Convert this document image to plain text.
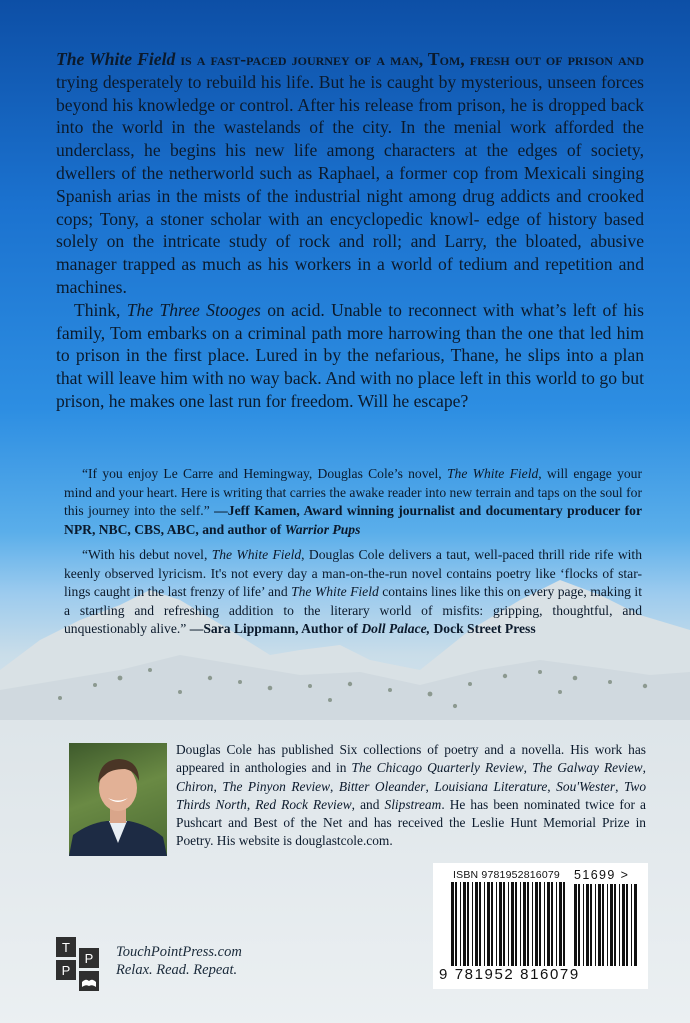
The White Field is a fast-paced journey of a man, Tom, fresh out of prison and trying desperately to rebuild his life. But he is caught by mysterious, unseen forces beyond his knowledge or control. After his release from prison, he is dropped back into the world in the wastelands of the city. In the menial work afforded the underclass, he begins his new life among characters at the edges of society, dwellers of the netherworld such as Raphael, a former cop from Mexicali singing Spanish arias in the mists of the industrial night among drug addicts and crooked cops; Tony, a stoner scholar with an encyclopedic knowl- edge of history based solely on the intricate study of rock and roll; and Larry, the bloated, abusive manager trapped as much as his workers in a world of tedium and repetition and machines.

Think, The Three Stooges on acid. Unable to reconnect with what’s left of his family, Tom embarks on a criminal path more harrowing than the one that led him to prison in the first place. Lured in by the nefarious, Thane, he slips into a plan that will leave him with no way back. And with no place left in this world to go but prison, he makes one last run for freedom. Will he escape?

“If you enjoy Le Carre and Hemingway, Douglas Cole’s novel, The White Field, will engage your mind and your heart. Here is writing that carries the awake reader into new terrain and taps on the soul for this journey into the self.” —Jeff Kamen, Award winning journalist and documentary producer for NPR, NBC, CBS, ABC, and author of Warrior Pups

“With his debut novel, The White Field, Douglas Cole delivers a taut, well-paced thrill ride rife with keenly observed lyricism. It's not every day a man-on-the-run novel contains poetry like ‘flocks of star- lings caught in the last frenzy of life’ and The White Field contains lines like this on every page, making it a startling and refreshing addition to the literary world of misfits: gripping, thoughtful, and unquestionably alive.” —Sara Lippmann, Author of Doll Palace, Dock Street Press

Douglas Cole has published Six collections of poetry and a novella. His work has appeared in anthologies and in The Chicago Quarterly Review, The Galway Review, Chiron, The Pinyon Review, Bitter Oleander, Louisiana Literature, Sou'Wester, Two Thirds North, Red Rock Review, and Slipstream. He has been nominated twice for a Pushcart and Best of the Net and has received the Leslie Hunt Memorial Prize in Poetry. His website is douglastcole.com.

ISBN 9781952816079 51699 >
9 781952 816079
T
P
P TouchPointPress.com
Relax. Read. Repeat.
